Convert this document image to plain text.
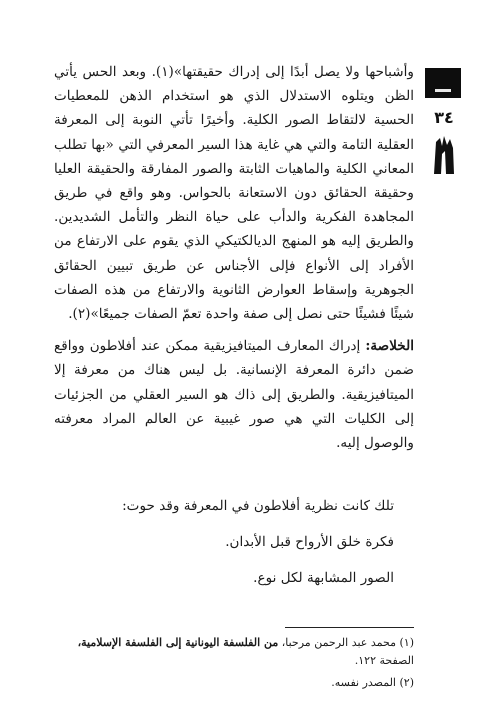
٣٤

وأشباحها ولا يصل أبدًا إلى إدراك حقيقتها»(١). وبعد الحس يأتي الظن ويتلوه الاستدلال الذي هو استخدام الذهن للمعطيات الحسية لالتقاط الصور الكلية. وأخيرًا تأتي النوبة إلى المعرفة العقلية التامة والتي هي غاية هذا السير المعرفي التي «بها تطلب المعاني الكلية والماهيات الثابتة والصور المفارقة والحقيقة العليا وحقيقة الحقائق دون الاستعانة بالحواس. وهو واقع في طريق المجاهدة الفكرية والدأب على حياة النظر والتأمل الشديدين. والطريق إليه هو المنهج الديالكتيكي الذي يقوم على الارتفاع من الأفراد إلى الأنواع فإلى الأجناس عن طريق تبيين الحقائق الجوهرية وإسقاط العوارض الثانوية والارتفاع من هذه الصفات شيئًا فشيئًا حتى نصل إلى صفة واحدة تعمّ الصفات جميعًا»(٢).

الخلاصة: إدراك المعارف الميتافيزيقية ممكن عند أفلاطون وواقع ضمن دائرة المعرفة الإنسانية. بل ليس هناك من معرفة إلا الميتافيزيقية. والطريق إلى ذاك هو السير العقلي من الجزئيات إلى الكليات التي هي صور غيبية عن العالم المراد معرفته والوصول إليه.

تلك كانت نظرية أفلاطون في المعرفة وقد حوت:

فكرة خلق الأرواح قبل الأبدان.

الصور المشابهة لكل نوع.

(١) محمد عبد الرحمن مرحبا، من الفلسفة اليونانية إلى الفلسفة الإسلامية،
الصفحة ١٢٢.

(٢) المصدر نفسه.
